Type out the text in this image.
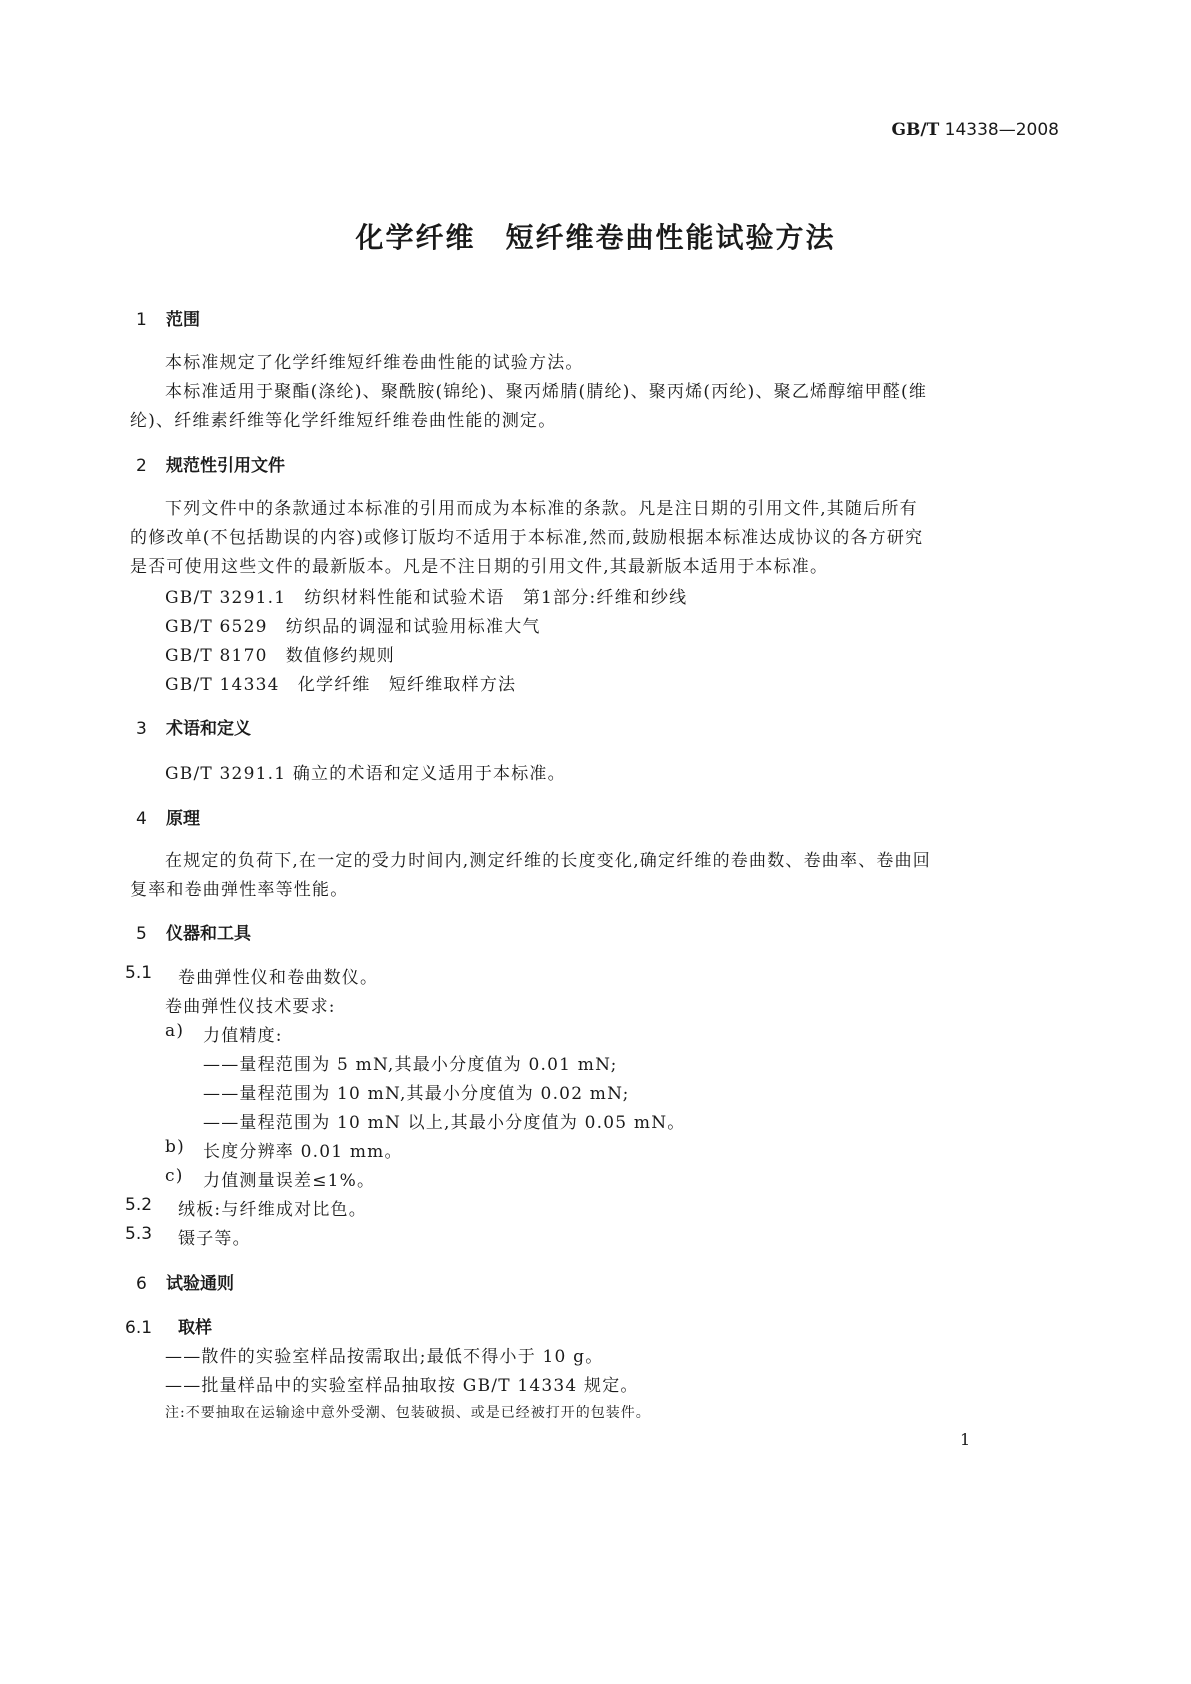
GB/T 14338—2008
化学纤维　短纤维卷曲性能试验方法
1 范围
本标准规定了化学纤维短纤维卷曲性能的试验方法。
本标准适用于聚酯(涤纶)、聚酰胺(锦纶)、聚丙烯腈(腈纶)、聚丙烯(丙纶)、聚乙烯醇缩甲醛(维
纶)、纤维素纤维等化学纤维短纤维卷曲性能的测定。
2 规范性引用文件
下列文件中的条款通过本标准的引用而成为本标准的条款。凡是注日期的引用文件,其随后所有
的修改单(不包括勘误的内容)或修订版均不适用于本标准,然而,鼓励根据本标准达成协议的各方研究
是否可使用这些文件的最新版本。凡是不注日期的引用文件,其最新版本适用于本标准。
GB/T 3291.1　纺织材料性能和试验术语　第1部分:纤维和纱线
GB/T 6529　纺织品的调湿和试验用标准大气
GB/T 8170　数值修约规则
GB/T 14334　化学纤维　短纤维取样方法
3 术语和定义
GB/T 3291.1 确立的术语和定义适用于本标准。
4 原理
在规定的负荷下,在一定的受力时间内,测定纤维的长度变化,确定纤维的卷曲数、卷曲率、卷曲回
复率和卷曲弹性率等性能。
5 仪器和工具
5.1 卷曲弹性仪和卷曲数仪。
卷曲弹性仪技术要求:
a) 力值精度:
——量程范围为 5 mN,其最小分度值为 0.01 mN;
——量程范围为 10 mN,其最小分度值为 0.02 mN;
——量程范围为 10 mN 以上,其最小分度值为 0.05 mN。
b) 长度分辨率 0.01 mm。
c) 力值测量误差≤1%。
5.2 绒板:与纤维成对比色。
5.3 镊子等。
6 试验通则
6.1 取样
——散件的实验室样品按需取出;最低不得小于 10 g。
——批量样品中的实验室样品抽取按 GB/T 14334 规定。
注:不要抽取在运输途中意外受潮、包装破损、或是已经被打开的包装件。
1
